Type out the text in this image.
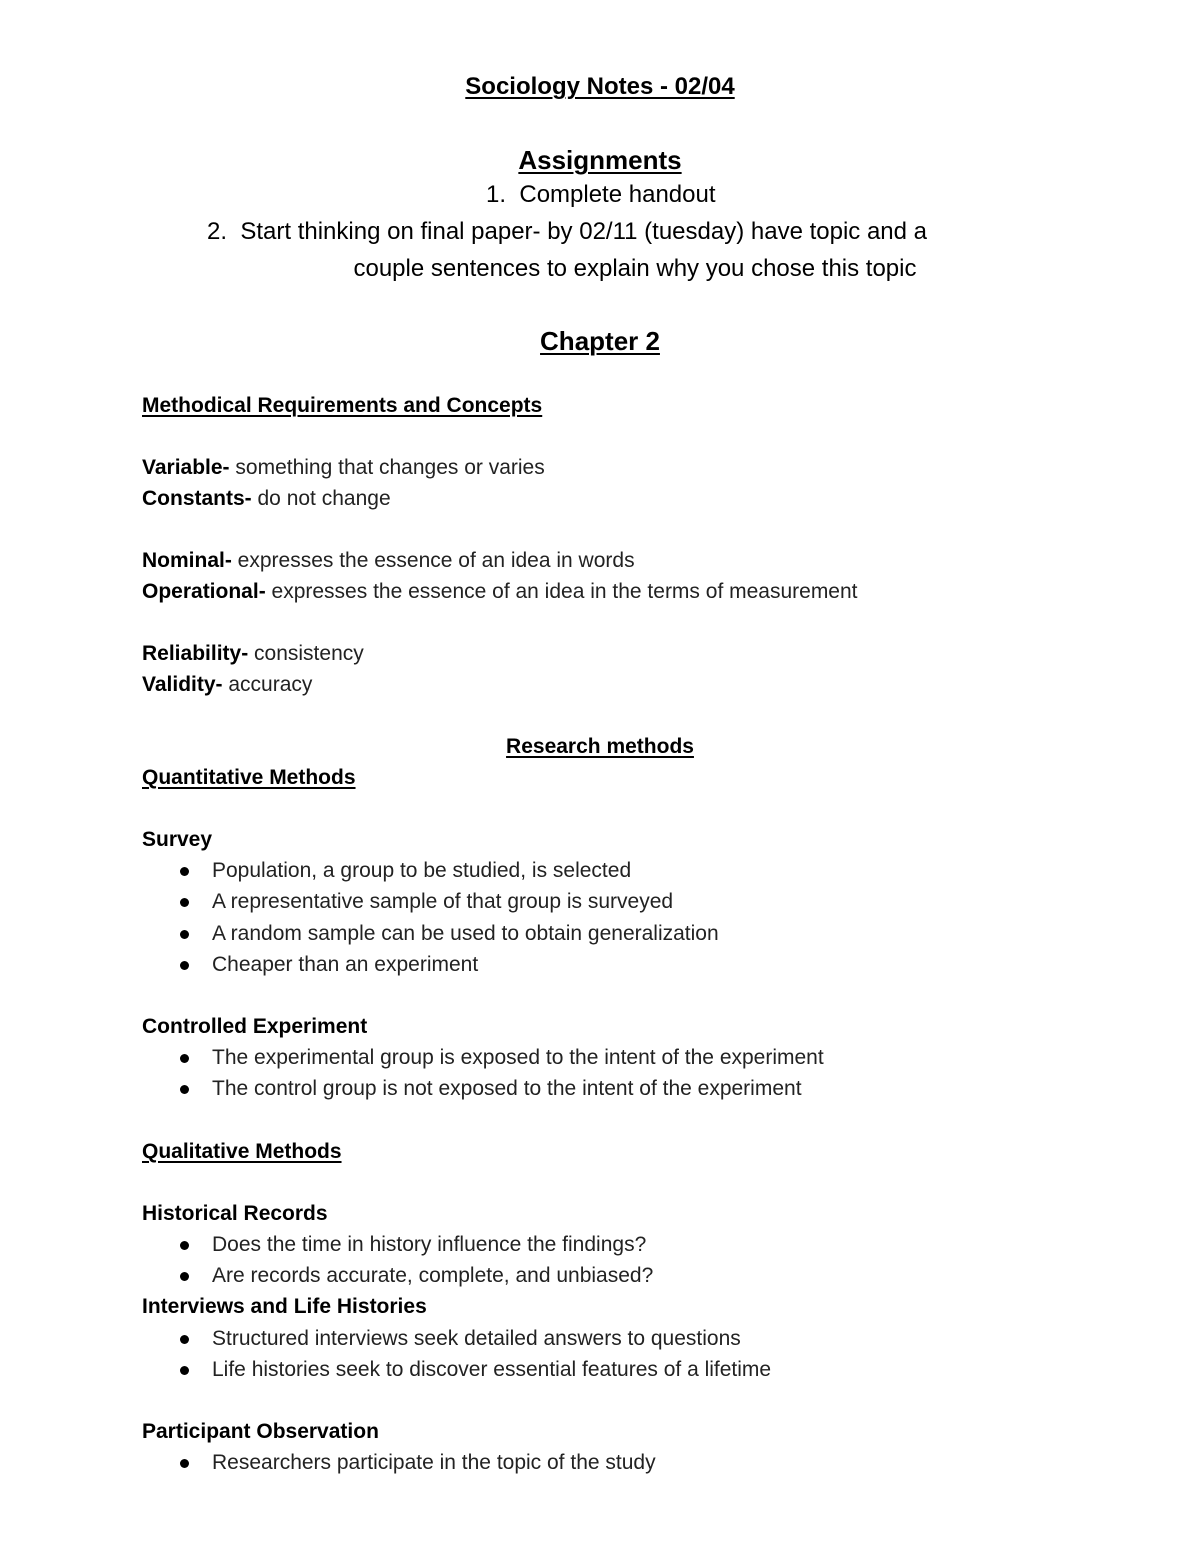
Sociology Notes - 02/04
Assignments
1. Complete handout
2. Start thinking on final paper- by 02/11 (tuesday) have topic and a
couple sentences to explain why you chose this topic
Chapter 2
Methodical Requirements and Concepts
Variable- something that changes or varies
Constants- do not change
Nominal- expresses the essence of an idea in words
Operational- expresses the essence of an idea in the terms of measurement
Reliability- consistency
Validity- accuracy
Research methods
Quantitative Methods
Survey
Population, a group to be studied, is selected
A representative sample of that group is surveyed
A random sample can be used to obtain generalization
Cheaper than an experiment
Controlled Experiment
The experimental group is exposed to the intent of the experiment
The control group is not exposed to the intent of the experiment
Qualitative Methods
Historical Records
Does the time in history influence the findings?
Are records accurate, complete, and unbiased?
Interviews and Life Histories
Structured interviews seek detailed answers to questions
Life histories seek to discover essential features of a lifetime
Participant Observation
Researchers participate in the topic of the study
